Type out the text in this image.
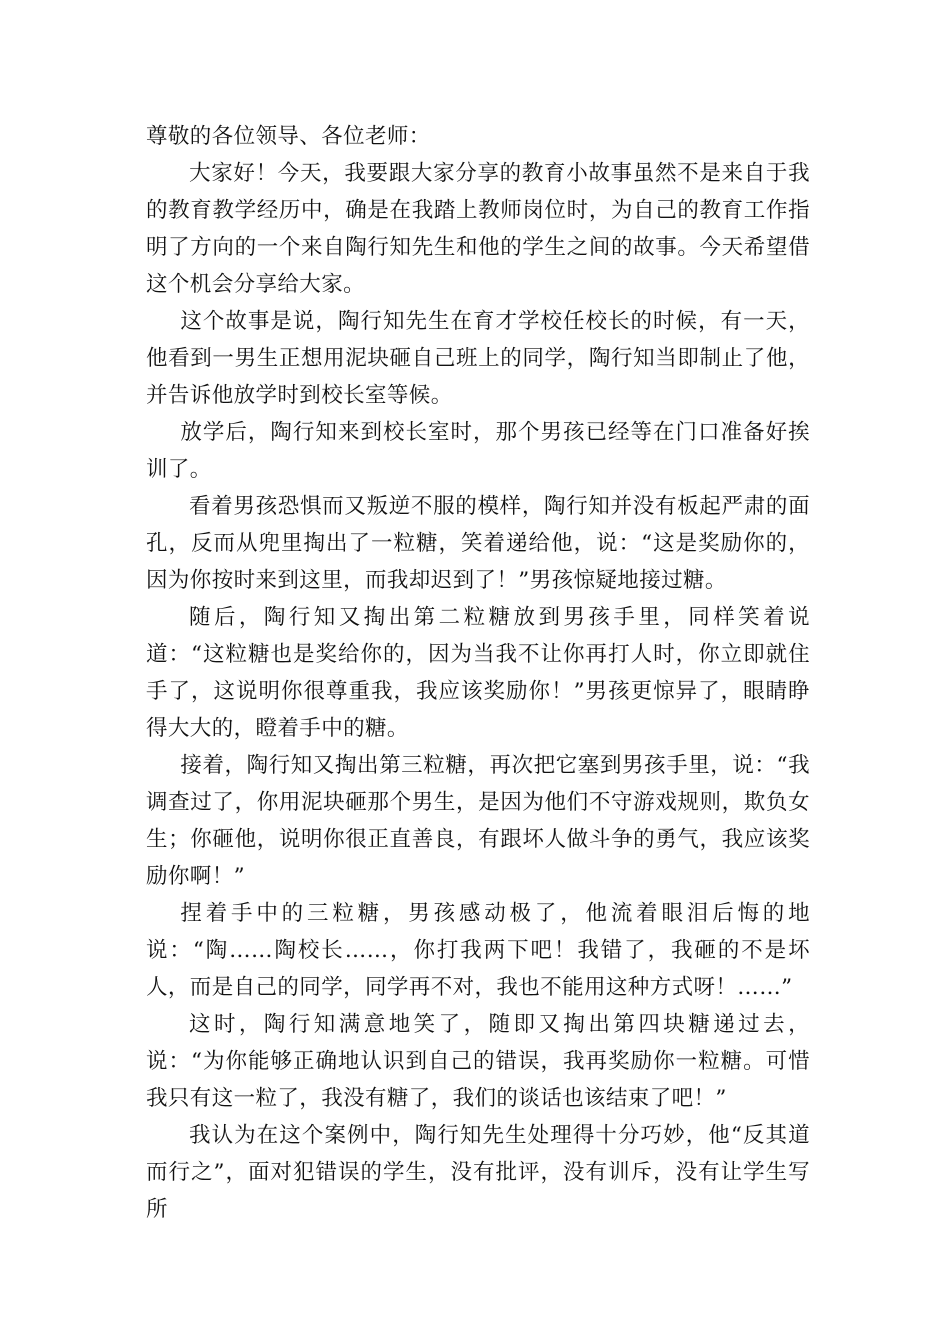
尊敬的各位领导、各位老师：

大家好！今天，我要跟大家分享的教育小故事虽然不是来自于我的教育教学经历中，确是在我踏上教师岗位时，为自己的教育工作指明了方向的一个来自陶行知先生和他的学生之间的故事。今天希望借这个机会分享给大家。

这个故事是说，陶行知先生在育才学校任校长的时候，有一天，他看到一男生正想用泥块砸自己班上的同学，陶行知当即制止了他，并告诉他放学时到校长室等候。

放学后，陶行知来到校长室时，那个男孩已经等在门口准备好挨训了。

看着男孩恐惧而又叛逆不服的模样，陶行知并没有板起严肃的面孔，反而从兜里掏出了一粒糖，笑着递给他，说：“这是奖励你的，因为你按时来到这里，而我却迟到了！”男孩惊疑地接过糖。

随后，陶行知又掏出第二粒糖放到男孩手里，同样笑着说道：“这粒糖也是奖给你的，因为当我不让你再打人时，你立即就住手了，这说明你很尊重我，我应该奖励你！”男孩更惊异了，眼睛睁得大大的，瞪着手中的糖。

接着，陶行知又掏出第三粒糖，再次把它塞到男孩手里，说：“我调查过了，你用泥块砸那个男生，是因为他们不守游戏规则，欺负女生；你砸他，说明你很正直善良，有跟坏人做斗争的勇气，我应该奖励你啊！”

捏着手中的三粒糖，男孩感动极了，他流着眼泪后悔的地说：“陶……陶校长……，你打我两下吧！我错了，我砸的不是坏人，而是自己的同学，同学再不对，我也不能用这种方式呀！……”

这时，陶行知满意地笑了，随即又掏出第四块糖递过去，说：“为你能够正确地认识到自己的错误，我再奖励你一粒糖。可惜我只有这一粒了，我没有糖了，我们的谈话也该结束了吧！”

我认为在这个案例中，陶行知先生处理得十分巧妙，他“反其道而行之”，面对犯错误的学生，没有批评，没有训斥，没有让学生写所
